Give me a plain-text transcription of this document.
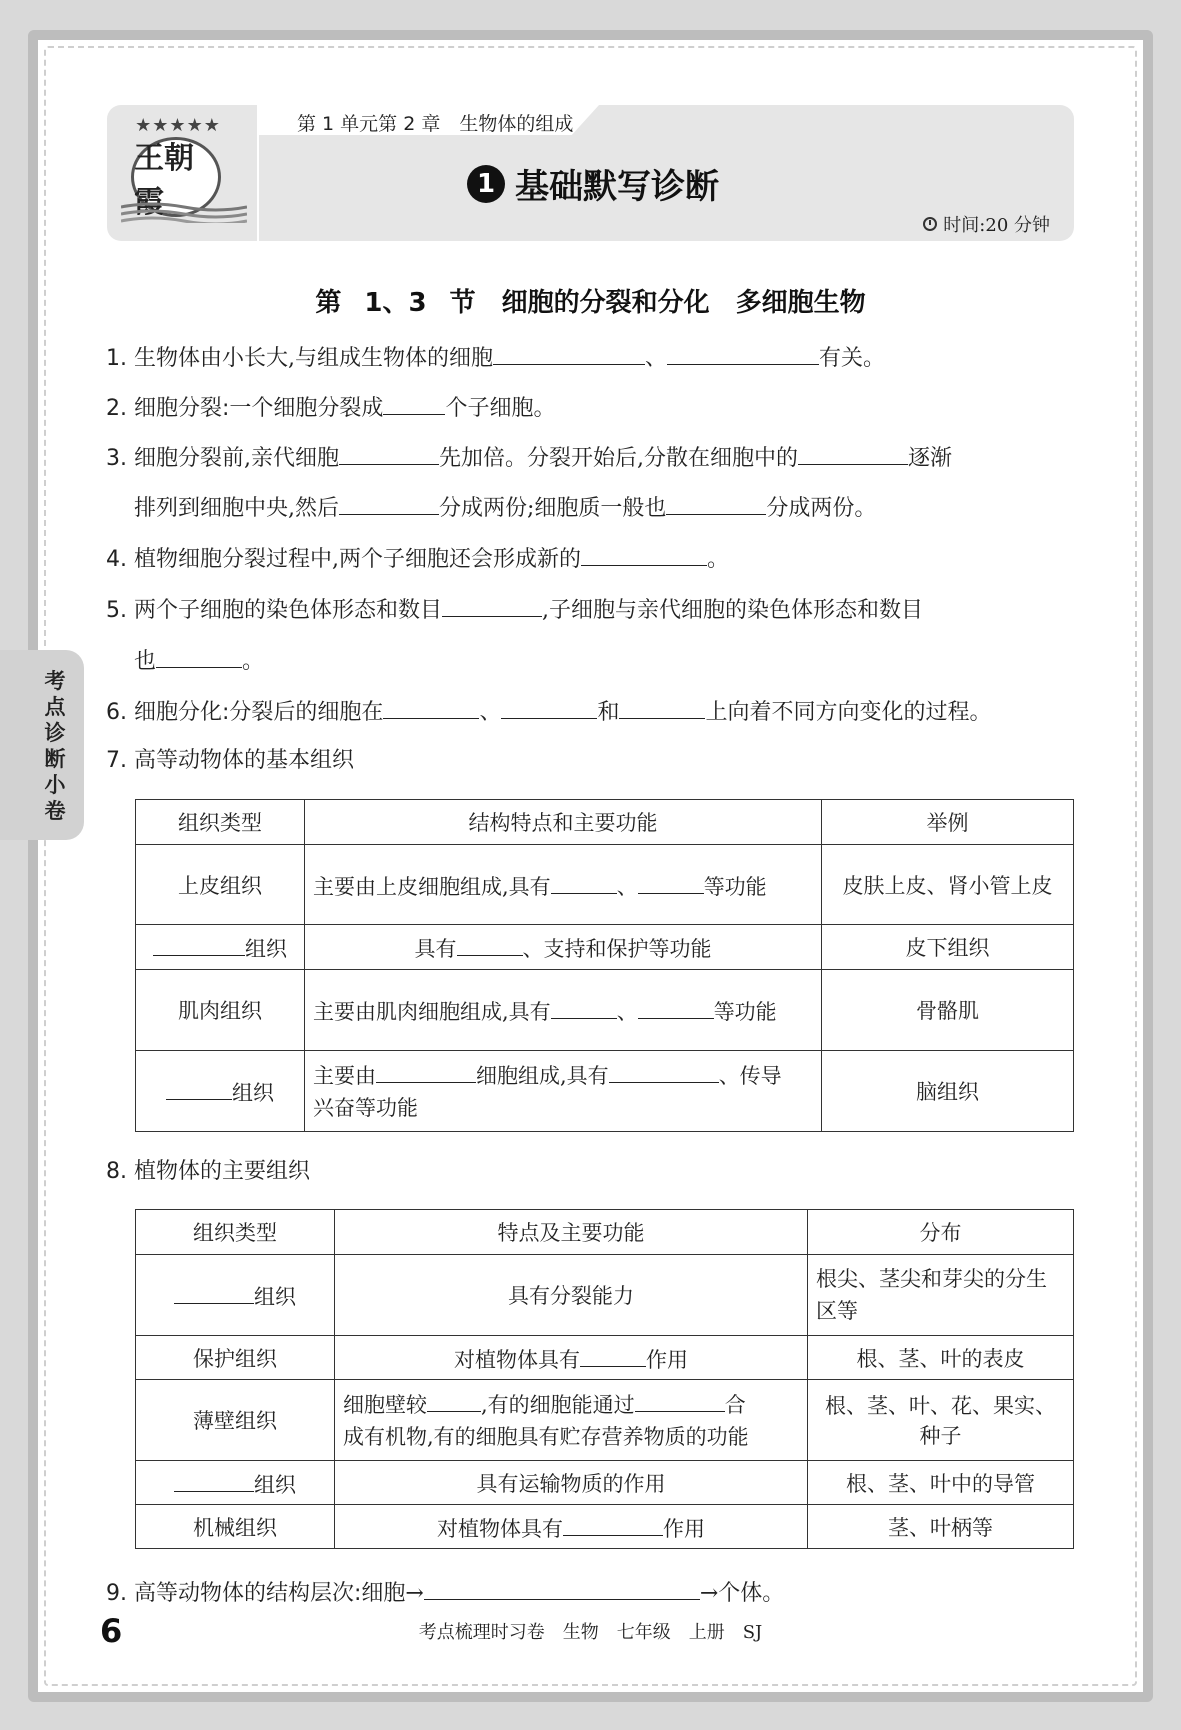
★★★★★
王朝霞
第 1 单元第 2 章　生物体的组成
1 基础默写诊断
时间:20 分钟
第 1、3 节　细胞的分裂和分化　多细胞生物
考点诊断小卷
1. 生物体由小长大,与组成生物体的细胞	、	有关。
2. 细胞分裂:一个细胞分裂成	个子细胞。
3. 细胞分裂前,亲代细胞	先加倍。分裂开始后,分散在细胞中的	逐渐
排列到细胞中央,然后	分成两份;细胞质一般也	分成两份。
4. 植物细胞分裂过程中,两个子细胞还会形成新的	。
5. 两个子细胞的染色体形态和数目	,子细胞与亲代细胞的染色体形态和数目
也	。
6. 细胞分化:分裂后的细胞在	、	和	上向着不同方向变化的过程。
7. 高等动物体的基本组织
组织类型	结构特点和主要功能	举例
上皮组织	主要由上皮细胞组成,具有 、 等功能	皮肤上皮、肾小管上皮
组织	具有 、支持和保护等功能	皮下组织
肌肉组织	主要由肌肉细胞组成,具有 、 等功能	骨骼肌
组织	主要由 细胞组成,具有 、传导
兴奋等功能	脑组织
8. 植物体的主要组织
组织类型	特点及主要功能	分布
组织	具有分裂能力	根尖、茎尖和芽尖的分生
区等
保护组织	对植物体具有 作用	根、茎、叶的表皮
薄壁组织	细胞壁较 ,有的细胞能通过 合
成有机物,有的细胞具有贮存营养物质的功能	根、茎、叶、花、果实、种子
组织	具有运输物质的作用	根、茎、叶中的导管
机械组织	对植物体具有 作用	茎、叶柄等
9. 高等动物体的结构层次:细胞→	→个体。
6	考点梳理时习卷　生物　七年级　上册　SJ
